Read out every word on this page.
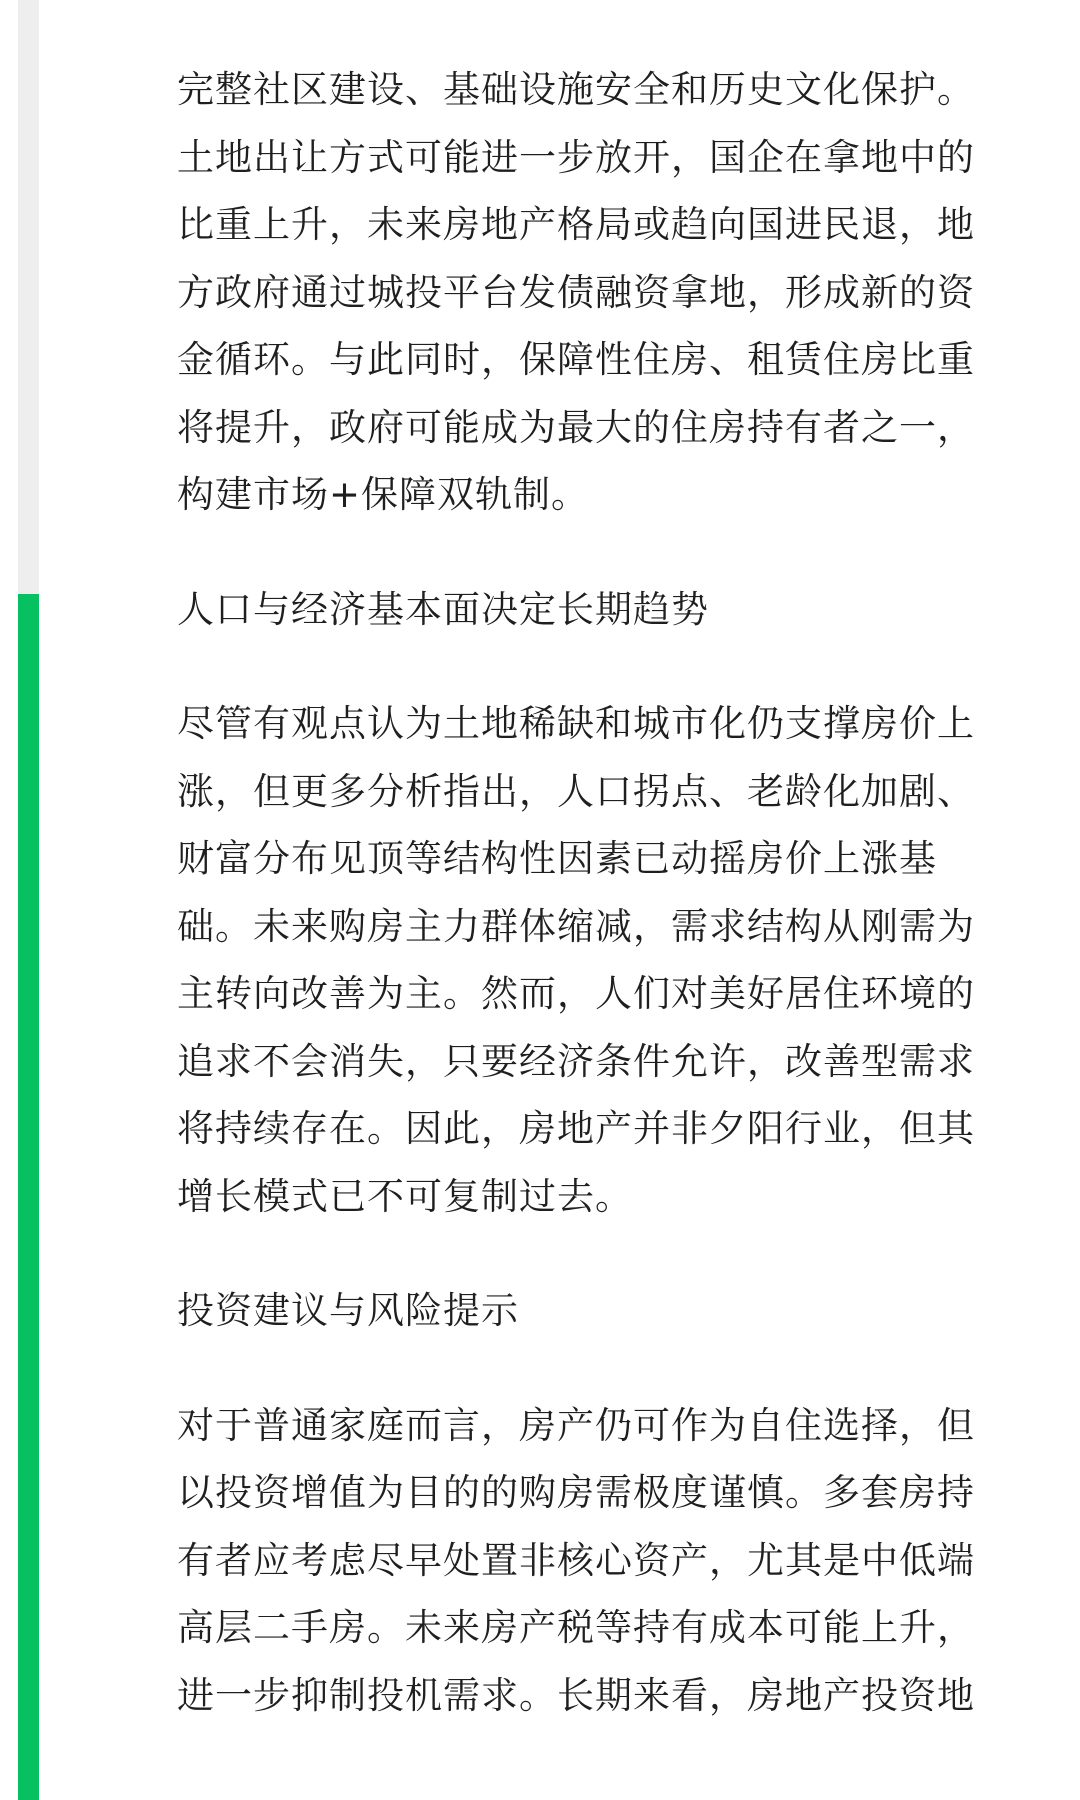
完整社区建设、基础设施安全和历史文化保护。
土地出让方式可能进一步放开，国企在拿地中的
比重上升，未来房地产格局或趋向国进民退，地
方政府通过城投平台发债融资拿地，形成新的资
金循环。与此同时，保障性住房、租赁住房比重
将提升，政府可能成为最大的住房持有者之一，
构建市场+保障双轨制。

人口与经济基本面决定长期趋势

尽管有观点认为土地稀缺和城市化仍支撑房价上
涨，但更多分析指出，人口拐点、老龄化加剧、
财富分布见顶等结构性因素已动摇房价上涨基
础。未来购房主力群体缩减，需求结构从刚需为
主转向改善为主。然而，人们对美好居住环境的
追求不会消失，只要经济条件允许，改善型需求
将持续存在。因此，房地产并非夕阳行业，但其
增长模式已不可复制过去。

投资建议与风险提示

对于普通家庭而言，房产仍可作为自住选择，但
以投资增值为目的的购房需极度谨慎。多套房持
有者应考虑尽早处置非核心资产，尤其是中低端
高层二手房。未来房产税等持有成本可能上升，
进一步抑制投机需求。长期来看，房地产投资地
